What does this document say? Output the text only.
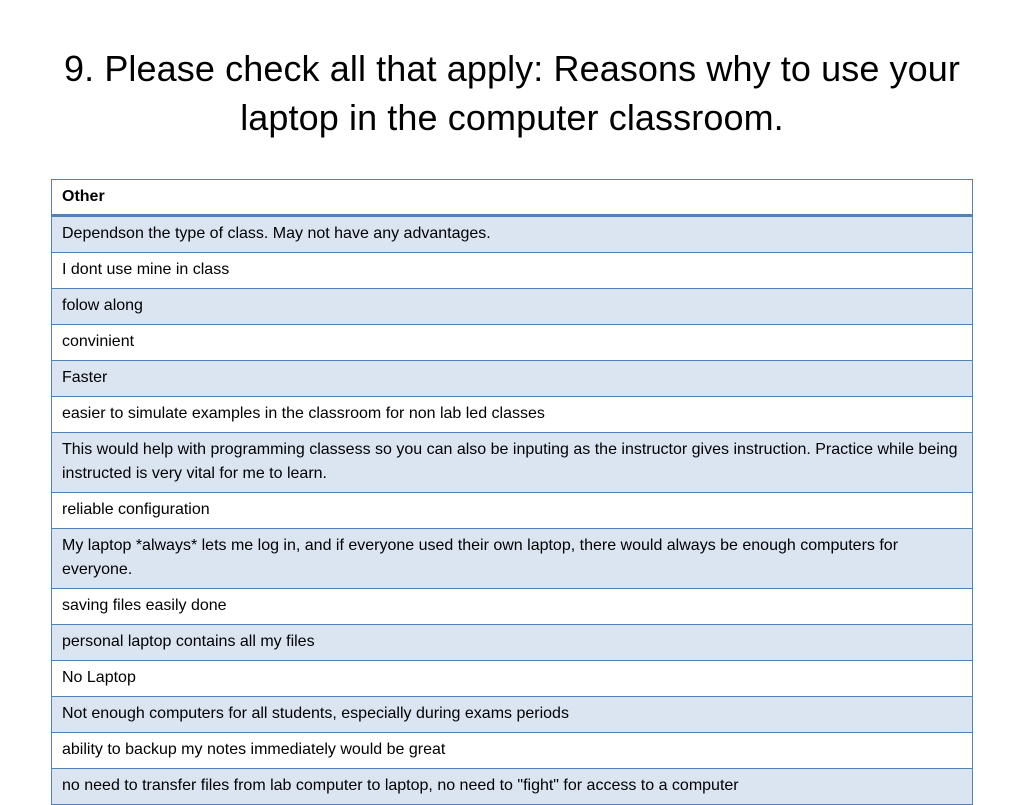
9. Please check all that apply: Reasons why to use your laptop in the computer classroom.
Other
Dependson the type of class. May not have any advantages.
I dont use mine in class
folow along
convinient
Faster
easier to simulate examples in the classroom for non lab led classes
This would help with programming classess so you can also be inputing as the instructor gives instruction. Practice while being instructed is very vital for me to learn.
reliable configuration
My laptop *always* lets me log in, and if everyone used their own laptop, there would always be enough computers for everyone.
saving files easily done
personal laptop contains all my files
No Laptop
Not enough computers for all students, especially during exams periods
ability to backup my notes immediately would be great
no need to transfer files from lab computer to laptop, no need to "fight" for access to a computer
